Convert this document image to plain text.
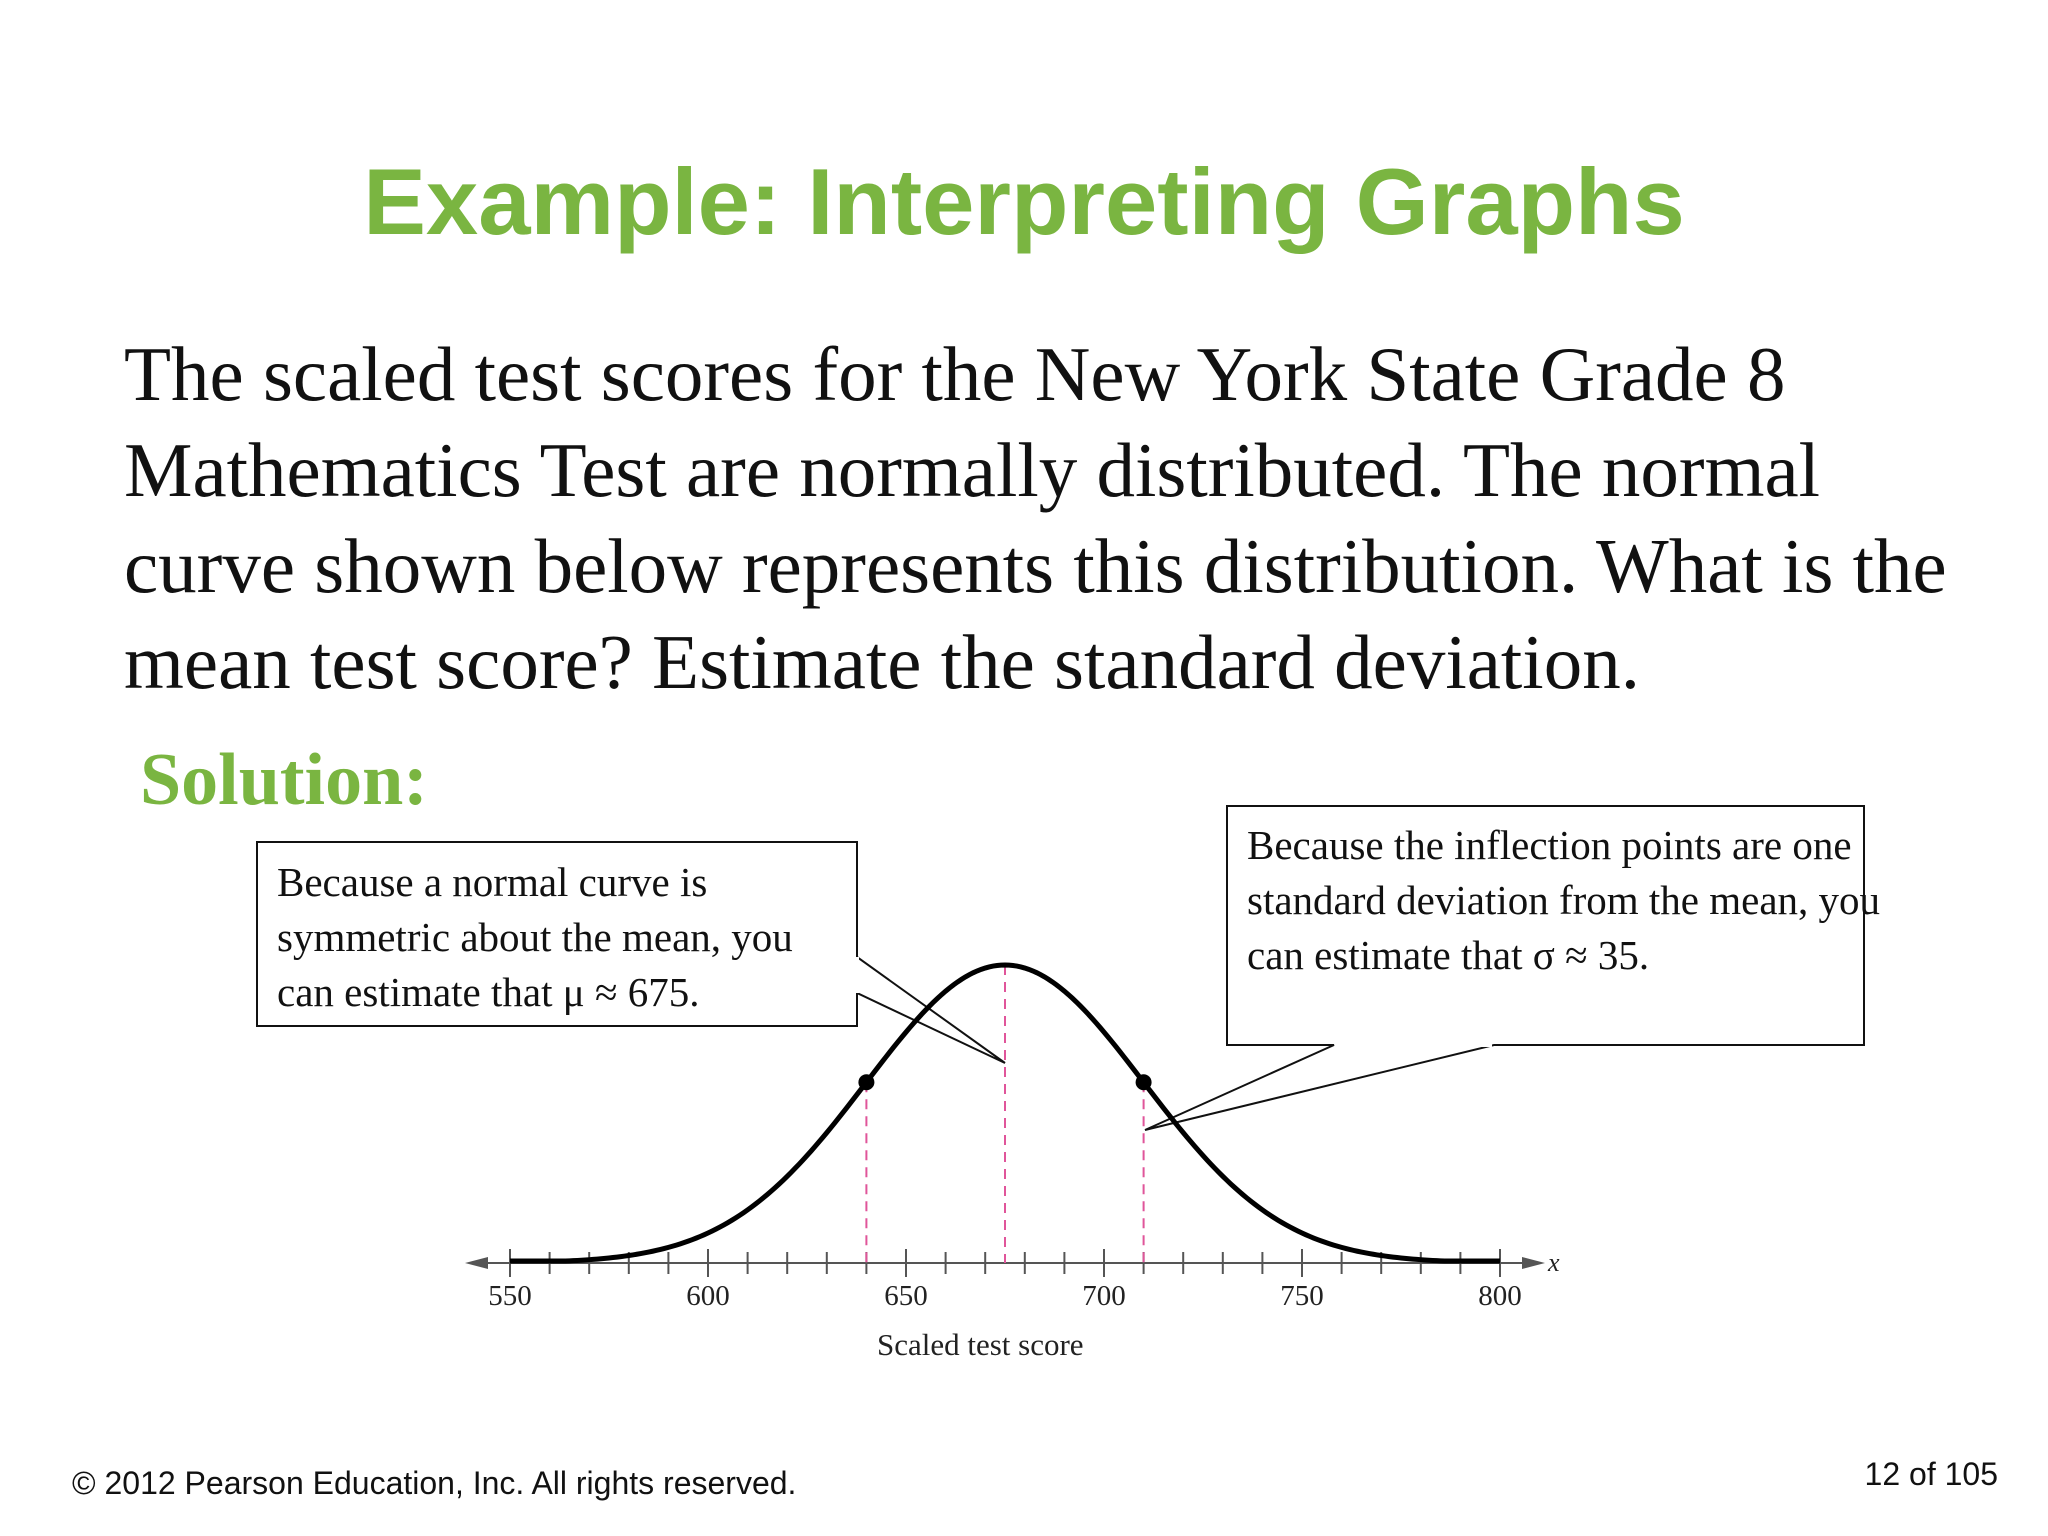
Example: Interpreting Graphs

The scaled test scores for the New York State Grade 8 Mathematics Test are normally distributed. The normal curve shown below represents this distribution. What is the mean test score? Estimate the standard deviation.

Solution:

550	600	650	700	750	800
Scaled test score
x
Because a normal curve is symmetric about the mean, you can estimate that μ ≈ 675.
Because the inflection points are one standard deviation from the mean, you can estimate that σ ≈ 35.
© 2012 Pearson Education, Inc. All rights reserved.	12 of 105
